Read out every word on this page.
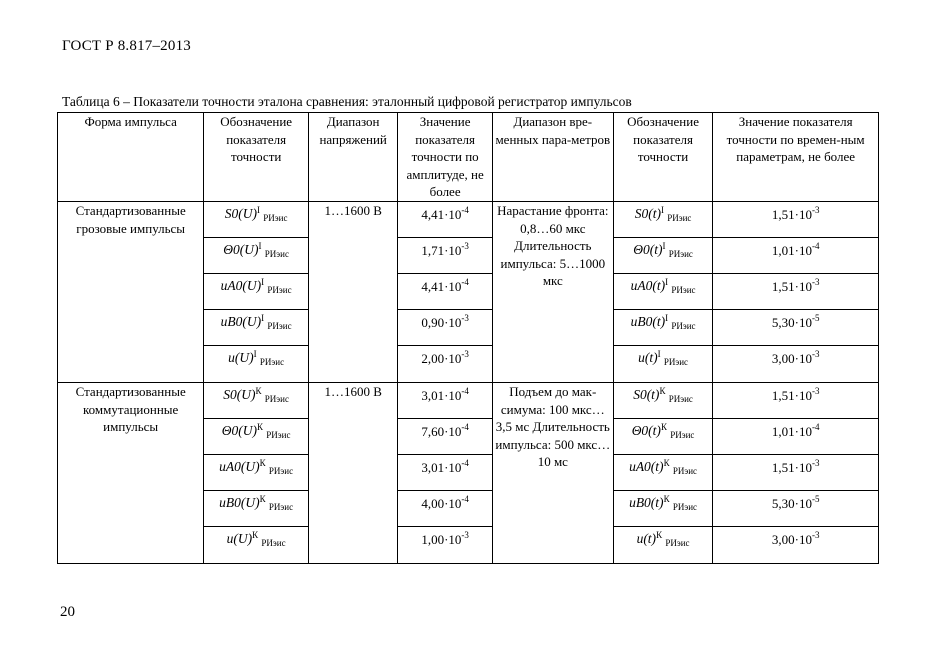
ГОСТ Р 8.817–2013
Таблица 6 – Показатели точности эталона сравнения: эталонный цифровой регистратор импульсов
Форма импульса	Обозначение показателя точности	Диапазон напряжений	Значение показателя точности по амплитуде, не более	Диапазон вре-менных пара-метров	Обозначение показателя точности	Значение показателя точности по времен-ным параметрам, не более
Стандартизованные грозовые импульсы	$S0(U)^I$ $_{РИэис}$	1…1600 В	$4,41\cdot 10^{-4}$	Нарастание фронта: 0,8…60 мкс Длительность импульса: 5…1000 мкс	$S0(t)^I$ $_{РИэис}$	$1,51\cdot 10^{-3}$
	$\Theta 0(U)^I$ $_{РИэис}$		$1,71\cdot 10^{-3}$		$\Theta 0(t)^I$ $_{РИэис}$	$1,01\cdot 10^{-4}$
	$uA0(U)^I$ $_{РИэис}$		$4,41\cdot 10^{-4}$		$uA0(t)^I$ $_{РИэис}$	$1,51\cdot 10^{-3}$
	$uB0(U)^I$ $_{РИэис}$		$0,90\cdot 10^{-3}$		$uB0(t)^I$ $_{РИэис}$	$5,30\cdot 10^{-5}$
	$u(U)^I$ $_{РИэис}$		$2,00\cdot 10^{-3}$		$u(t)^I$ $_{РИэис}$	$3,00\cdot 10^{-3}$
Стандартизованные коммутационные импульсы	$S0(U)^К$ $_{РИэис}$	1…1600 В	$3,01\cdot 10^{-4}$	Подъем до мак-симума: 100 мкс…3,5 мс Длительность импульса: 500 мкс…10 мс	$S0(t)^К$ $_{РИэис}$	$1,51\cdot 10^{-3}$
	$\Theta 0(U)^К$ $_{РИэис}$		$7,60\cdot 10^{-4}$		$\Theta 0(t)^К$ $_{РИэис}$	$1,01\cdot 10^{-4}$
	$uA0(U)^К$ $_{РИэис}$		$3,01\cdot 10^{-4}$		$uA0(t)^К$ $_{РИэис}$	$1,51\cdot 10^{-3}$
	$uB0(U)^К$ $_{РИэис}$		$4,00\cdot 10^{-4}$		$uB0(t)^К$ $_{РИэис}$	$5,30\cdot 10^{-5}$
	$u(U)^К$ $_{РИэис}$		$1,00\cdot 10^{-3}$		$u(t)^К$ $_{РИэис}$	$3,00\cdot 10^{-3}$
20
